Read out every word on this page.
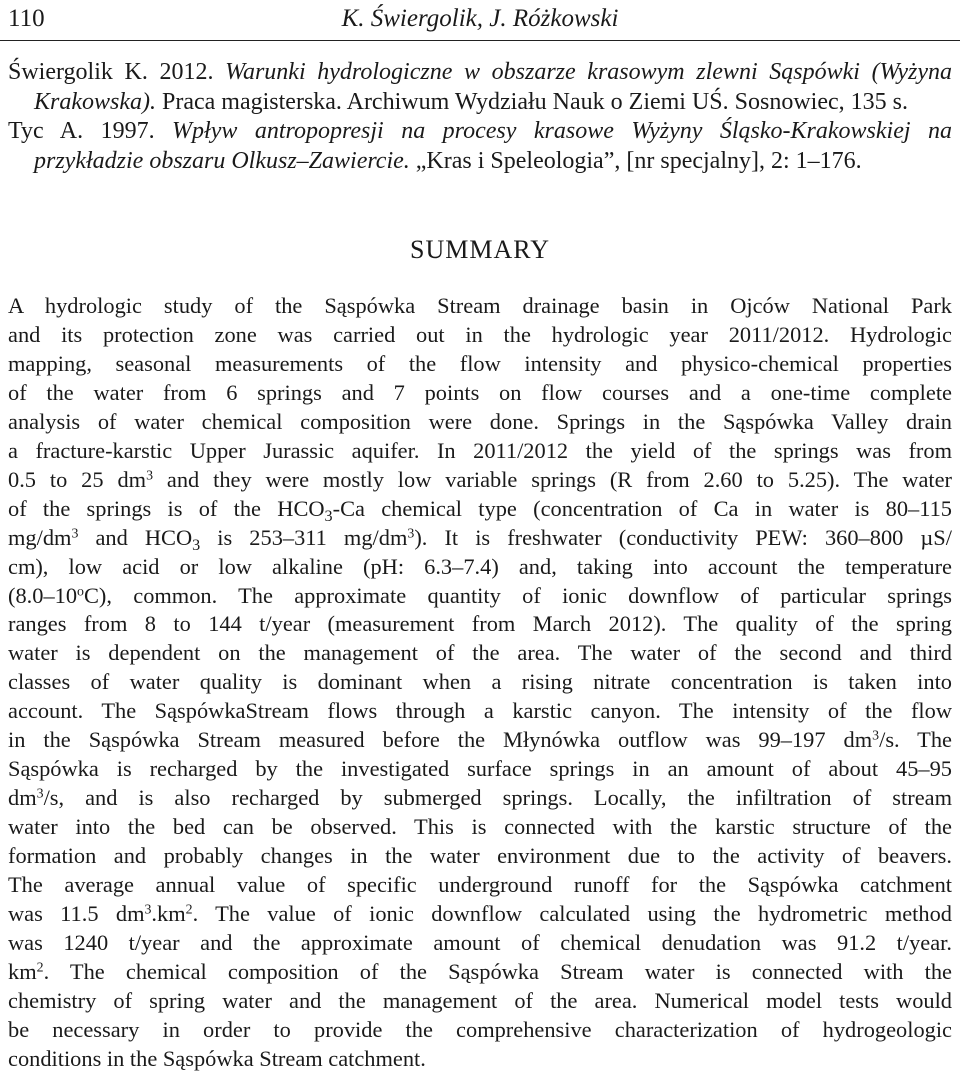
110	K. Świergolik, J. Różkowski

Świergolik K. 2012. Warunki hydrologiczne w obszarze krasowym zlewni Sąspówki (Wyżyna Krakowska). Praca magisterska. Archiwum Wydziału Nauk o Ziemi UŚ. Sosnowiec, 135 s.

Tyc A. 1997. Wpływ antropopresji na procesy krasowe Wyżyny Śląsko-Krakowskiej na przykładzie obszaru Olkusz–Zawiercie. „Kras i Speleologia”, [nr specjalny], 2: 1–176.

SUMMARY
A hydrologic study of the Sąspówka Stream drainage basin in Ojców National Park
and its protection zone was carried out in the hydrologic year 2011/2012. Hydrologic
mapping, seasonal measurements of the flow intensity and physico-chemical properties
of the water from 6 springs and 7 points on flow courses and a one-time complete
analysis of water chemical composition were done. Springs in the Sąspówka Valley drain
a fracture-karstic Upper Jurassic aquifer. In 2011/2012 the yield of the springs was from
0.5 to 25 $dm^3$ and they were mostly low variable springs (R from 2.60 to 5.25). The water
of the springs is of the $HCO_3-Ca$ chemical type (concentration of Ca in water is 80–115
$mg/dm^3$ and $HCO_3$ is 253–311 $mg/dm^3$). It is freshwater (conductivity PEW: 360–800 µS/
cm), low acid or low alkaline (pH: 6.3–7.4) and, taking into account the temperature
(8.0–10$^o$C), common. The approximate quantity of ionic downflow of particular springs
ranges from 8 to 144 t/year (measurement from March 2012). The quality of the spring
water is dependent on the management of the area. The water of the second and third
classes of water quality is dominant when a rising nitrate concentration is taken into
account. The SąspówkaStream flows through a karstic canyon. The intensity of the flow
in the Sąspówka Stream measured before the Młynówka outflow was 99–197 $dm^3/s$. The
Sąspówka is recharged by the investigated surface springs in an amount of about 45–95
$dm^3/s$, and is also recharged by submerged springs. Locally, the infiltration of stream
water into the bed can be observed. This is connected with the karstic structure of the
formation and probably changes in the water environment due to the activity of beavers.
The average annual value of specific underground runoff for the Sąspówka catchment
was 11.5 $dm^3.km^2$. The value of ionic downflow calculated using the hydrometric method
was 1240 t/year and the approximate amount of chemical denudation was 91.2 t/year.
$km^2$. The chemical composition of the Sąspówka Stream water is connected with the
chemistry of spring water and the management of the area. Numerical model tests would
be necessary in order to provide the comprehensive characterization of hydrogeologic
conditions in the Sąspówka Stream catchment.
